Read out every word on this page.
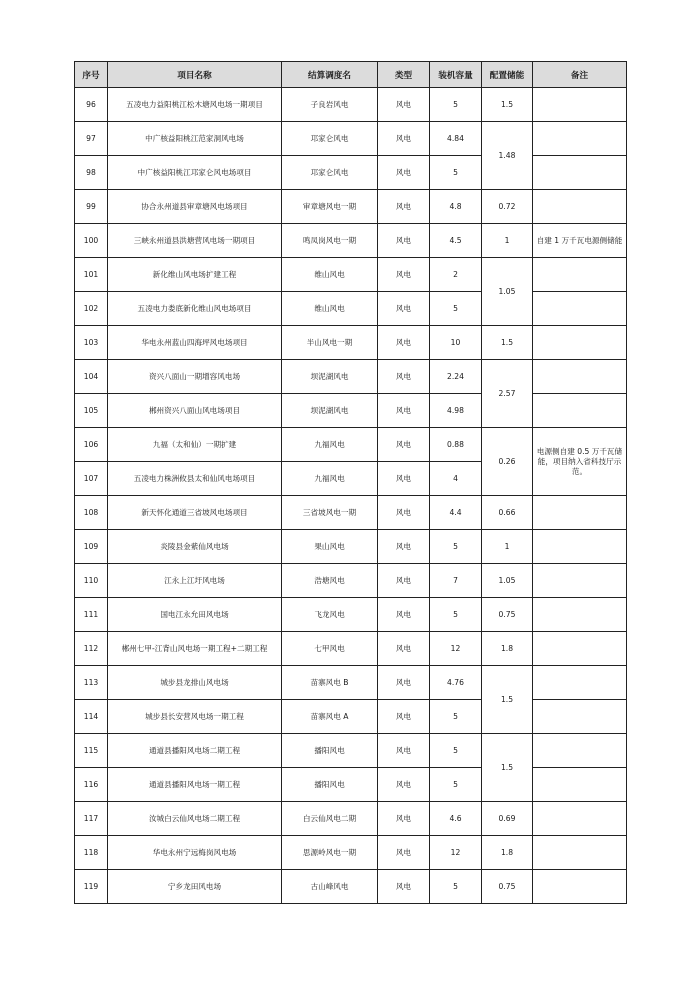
序号	项目名称	结算调度名	类型	装机容量	配置储能	备注
96	五凌电力益阳桃江松木塘风电场一期项目	子良岩风电	风电	5	1.5	
97	中广核益阳桃江范家洞风电场	邛家仑风电	风电	4.84	1.48	
98	中广核益阳桃江邛家仑风电场项目	邛家仑风电	风电	5		
99	协合永州道县审章塘风电场项目	审章塘风电一期	风电	4.8	0.72	
100	三峡永州道县洪塘营风电场一期项目	鸣凤岗风电一期	风电	4.5	1	自建 1 万千瓦电源侧储能
101	新化维山风电场扩建工程	维山风电	风电	2	1.05	
102	五凌电力娄底新化维山风电场项目	维山风电	风电	5		
103	华电永州蓝山四海坪风电场项目	半山风电一期	风电	10	1.5	
104	资兴八面山一期增容风电场	坝泥湖风电	风电	2.24	2.57	
105	郴州资兴八面山风电场项目	坝泥湖风电	风电	4.98		
106	九福（太和仙）一期扩建	九福风电	风电	0.88	0.26	电源侧自建 0.5 万千瓦储能，项目纳入省科技厅示范。
107	五凌电力株洲攸县太和仙风电场项目	九福风电	风电	4		
108	新天怀化通道三省坡风电场项目	三省坡风电一期	风电	4.4	0.66	
109	炎陵县金紫仙风电场	果山风电	风电	5	1	
110	江永上江圩风电场	浩塘风电	风电	7	1.05	
111	国电江永允田风电场	飞龙风电	风电	5	0.75	
112	郴州七甲-江背山风电场一期工程+二期工程	七甲风电	风电	12	1.8	
113	城步县龙排山风电场	苗寨风电 B	风电	4.76	1.5	
114	城步县长安营风电场一期工程	苗寨风电 A	风电	5		
115	通道县播阳风电场二期工程	播阳风电	风电	5	1.5	
116	通道县播阳风电场一期工程	播阳风电	风电	5		
117	汝城白云仙风电场二期工程	白云仙风电二期	风电	4.6	0.69	
118	华电永州宁远梅岗风电场	思源岭风电一期	风电	12	1.8	
119	宁乡龙田风电场	古山峰风电	风电	5	0.75	
